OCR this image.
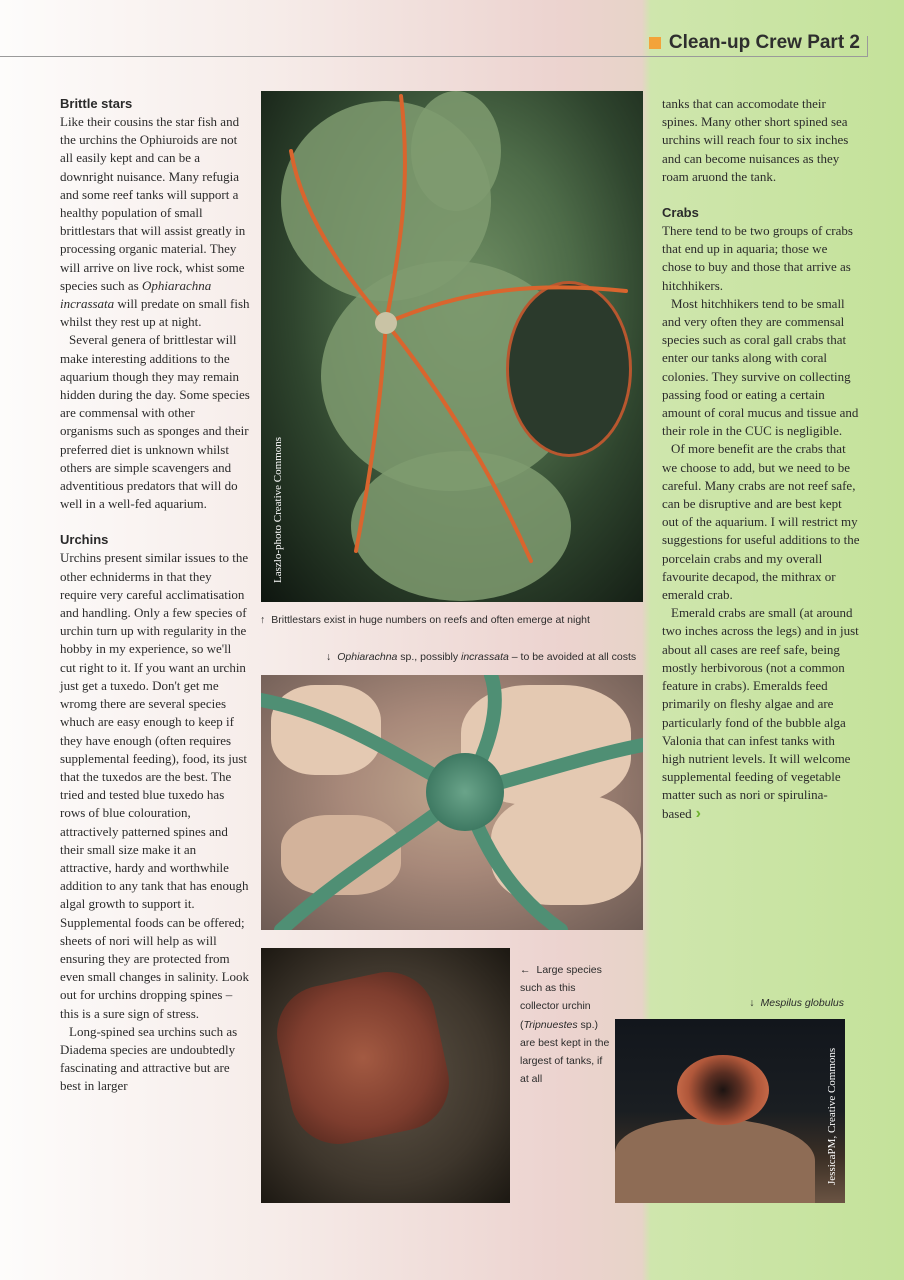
Clean-up Crew Part 2
Brittle stars

Like their cousins the star fish and the urchins the Ophiuroids are not all easily kept and can be a downright nuisance. Many refugia and some reef tanks will support a healthy population of small brittlestars that will assist greatly in processing organic material. They will arrive on live rock, whist some species such as Ophiarachna incrassata will predate on small fish whilst they rest up at night.

Several genera of brittlestar will make interesting additions to the aquarium though they may remain hidden during the day. Some species are commensal with other organisms such as sponges and their preferred diet is unknown whilst others are simple scavengers and adventitious predators that will do well in a well-fed aquarium.

Urchins

Urchins present similar issues to the other echniderms in that they require very careful acclimatisation and handling. Only a few species of urchin turn up with regularity in the hobby in my experience, so we'll cut right to it. If you want an urchin just get a tuxedo. Don't get me wromg there are several species whuch are easy enough to keep if they have enough (often requires supplemental feeding), food, its just that the tuxedos are the best. The tried and tested blue tuxedo has rows of blue colouration, attractively patterned spines and their small size make it an attractive, hardy and worthwhile addition to any tank that has enough algal growth to support it. Supplemental foods can be offered; sheets of nori will help as will ensuring they are protected from even small changes in salinity. Look out for urchins dropping spines – this is a sure sign of stress.

Long-spined sea urchins such as Diadema species are undoubtedly fascinating and attractive but are best in larger

tanks that can accomodate their spines. Many other short spined sea urchins will reach four to six inches and can become nuisances as they roam aruond the tank.

Crabs

There tend to be two groups of crabs that end up in aquaria; those we chose to buy and those that arrive as hitchhikers.

Most hitchhikers tend to be small and very often they are commensal species such as coral gall crabs that enter our tanks along with coral colonies. They survive on collecting passing food or eating a certain amount of coral mucus and tissue and their role in the CUC is negligible.

Of more benefit are the crabs that we choose to add, but we need to be careful. Many crabs are not reef safe, can be disruptive and are best kept out of the aquarium. I will restrict my suggestions for useful additions to the porcelain crabs and my overall favourite decapod, the mithrax or emerald crab.

Emerald crabs are small (at around two inches across the legs) and in just about all cases are reef safe, being mostly herbivorous (not a common feature in crabs). Emeralds feed primarily on fleshy algae and are particularly fond of the bubble alga Valonia that can infest tanks with high nutrient levels. It will welcome supplemental feeding of vegetable matter such as nori or spirulina-based ›

Laszlo-photo Creative Commons
↑ Brittlestars exist in huge numbers on reefs and often emerge at night
↓ Ophiarachna sp., possibly incrassata – to be avoided at all costs
← Large species such as this collector urchin (Tripnuestes sp.) are best kept in the largest of tanks, if at all
↓ Mespilus globulus
JessicaPM, Creative Commons
